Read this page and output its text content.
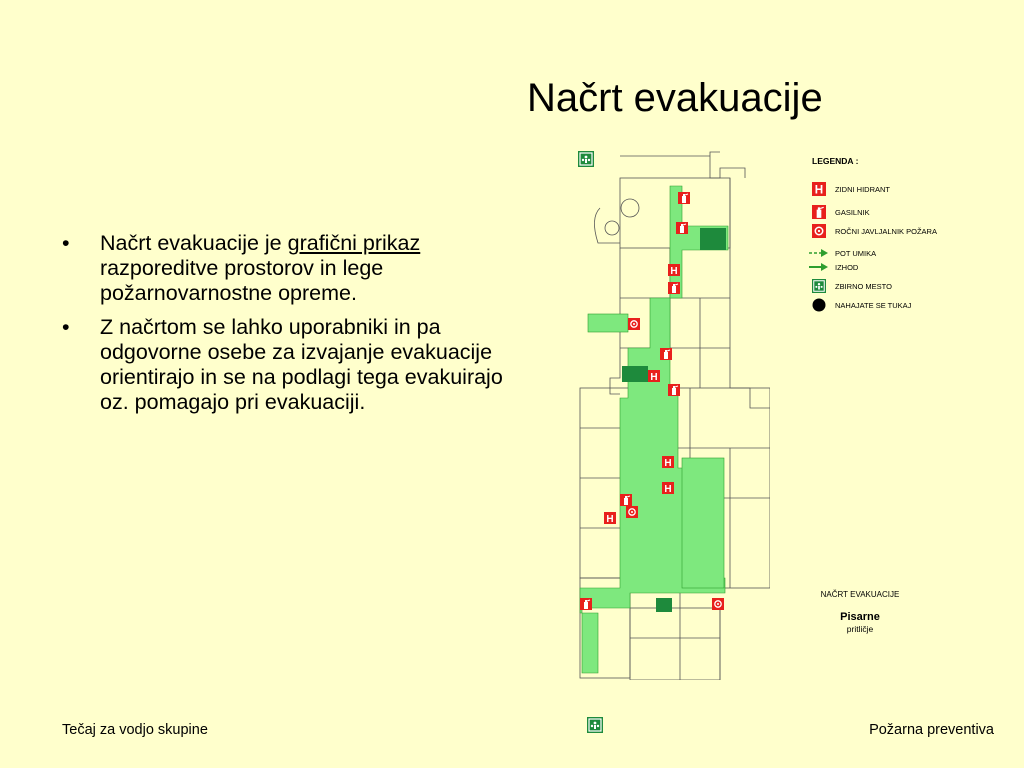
Načrt evakuacije
• Načrt evakuacije je grafični prikaz razporeditve prostorov in lege požarnovarnostne opreme.
• Z načrtom se lahko uporabniki in pa odgovorne osebe za izvajanje evakuacije orientirajo in se na podlagi tega evakuirajo oz. pomagajo pri evakuaciji.
LEGENDA :
ZIDNI HIDRANT
GASILNIK
ROČNI JAVLJALNIK POŽARA
POT UMIKA
IZHOD
ZBIRNO MESTO
NAHAJATE SE TUKAJ
NAČRT EVAKUACIJE
Pisarne
pritličje
Tečaj za vodjo skupine	Požarna preventiva
